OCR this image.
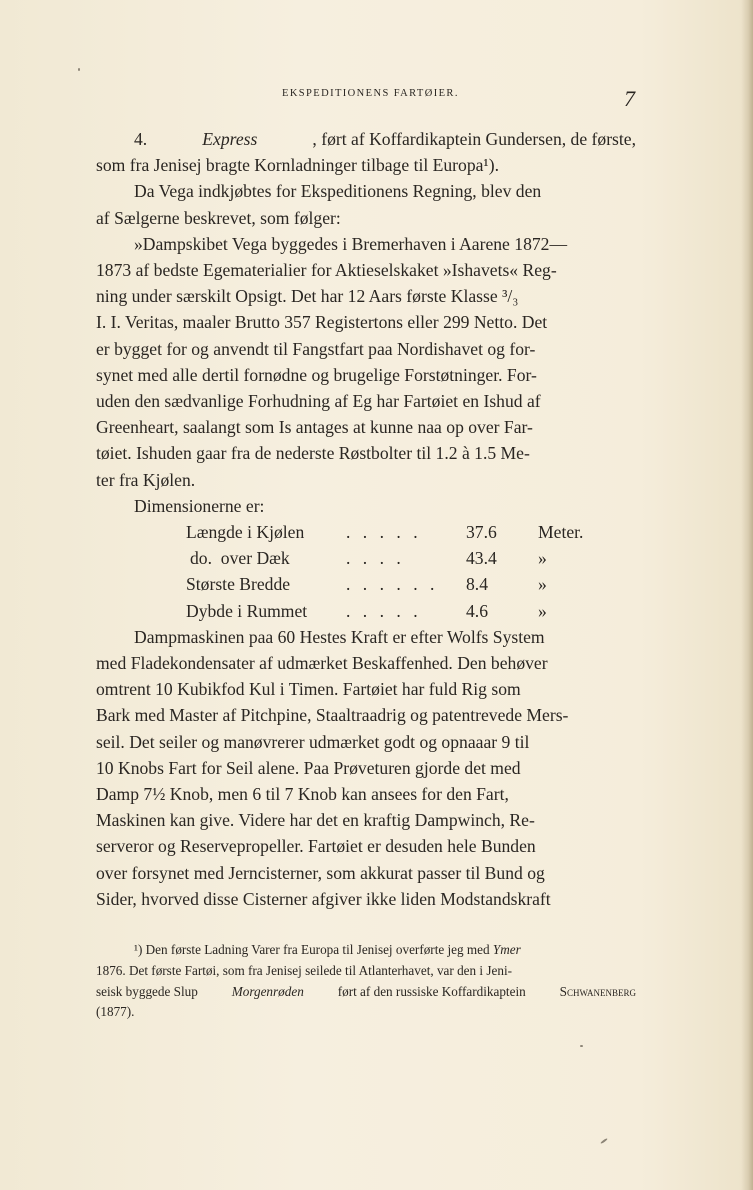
EKSPEDITIONENS FARTØIER.	7
4.	Express	, ført af Koffardikaptein Gundersen, de første,
som fra Jenisej bragte Kornladninger tilbage til Europa¹).
Da Vega indkjøbtes for Ekspeditionens Regning, blev den
af Sælgerne beskrevet, som følger:
»Dampskibet Vega byggedes i Bremerhaven i Aarene 1872—
1873 af bedste Egematerialier for Aktieselskaket »Ishavets« Reg-
ning under særskilt Opsigt. Det har 12 Aars første Klasse ³/₃
I. I. Veritas, maaler Brutto 357 Registertons eller 299 Netto. Det
er bygget for og anvendt til Fangstfart paa Nordishavet og for-
synet med alle dertil fornødne og brugelige Forstøtninger. For-
uden den sædvanlige Forhudning af Eg har Fartøiet en Ishud af
Greenheart, saalangt som Is antages at kunne naa op over Far-
tøiet. Ishuden gaar fra de nederste Røstbolter til 1.2 à 1.5 Me-
ter fra Kjølen.
Dimensionerne er:
Længde i Kjølen	. . . . .	37.6	Meter.
do.  over Dæk	. . . .	43.4	»
Største Bredde	. . . . . .	8.4	»
Dybde i Rummet	. . . . .	4.6	»
Dampmaskinen paa 60 Hestes Kraft er efter Wolfs System
med Fladekondensater af udmærket Beskaffenhed. Den behøver
omtrent 10 Kubikfod Kul i Timen. Fartøiet har fuld Rig som
Bark med Master af Pitchpine, Staaltraadrig og patentrevede Mers-
seil. Det seiler og manøvrerer udmærket godt og opnaaar 9 til
10 Knobs Fart for Seil alene. Paa Prøveturen gjorde det med
Damp 7½ Knob, men 6 til 7 Knob kan ansees for den Fart,
Maskinen kan give. Videre har det en kraftig Dampwinch, Re-
serveror og Reservepropeller. Fartøiet er desuden hele Bunden
over forsynet med Jerncisterner, som akkurat passer til Bund og
Sider, hvorved disse Cisterner afgiver ikke liden Modstandskraft
¹)
Den første Ladning Varer fra Europa til Jenisej overførte jeg med Ymer
1876. Det første Fartøi, som fra Jenisej seilede til Atlanterhavet, var den i Jeni-
seisk byggede Slup	Morgenrøden	ført af den russiske Koffardikaptein	Schwanenberg
(1877).
